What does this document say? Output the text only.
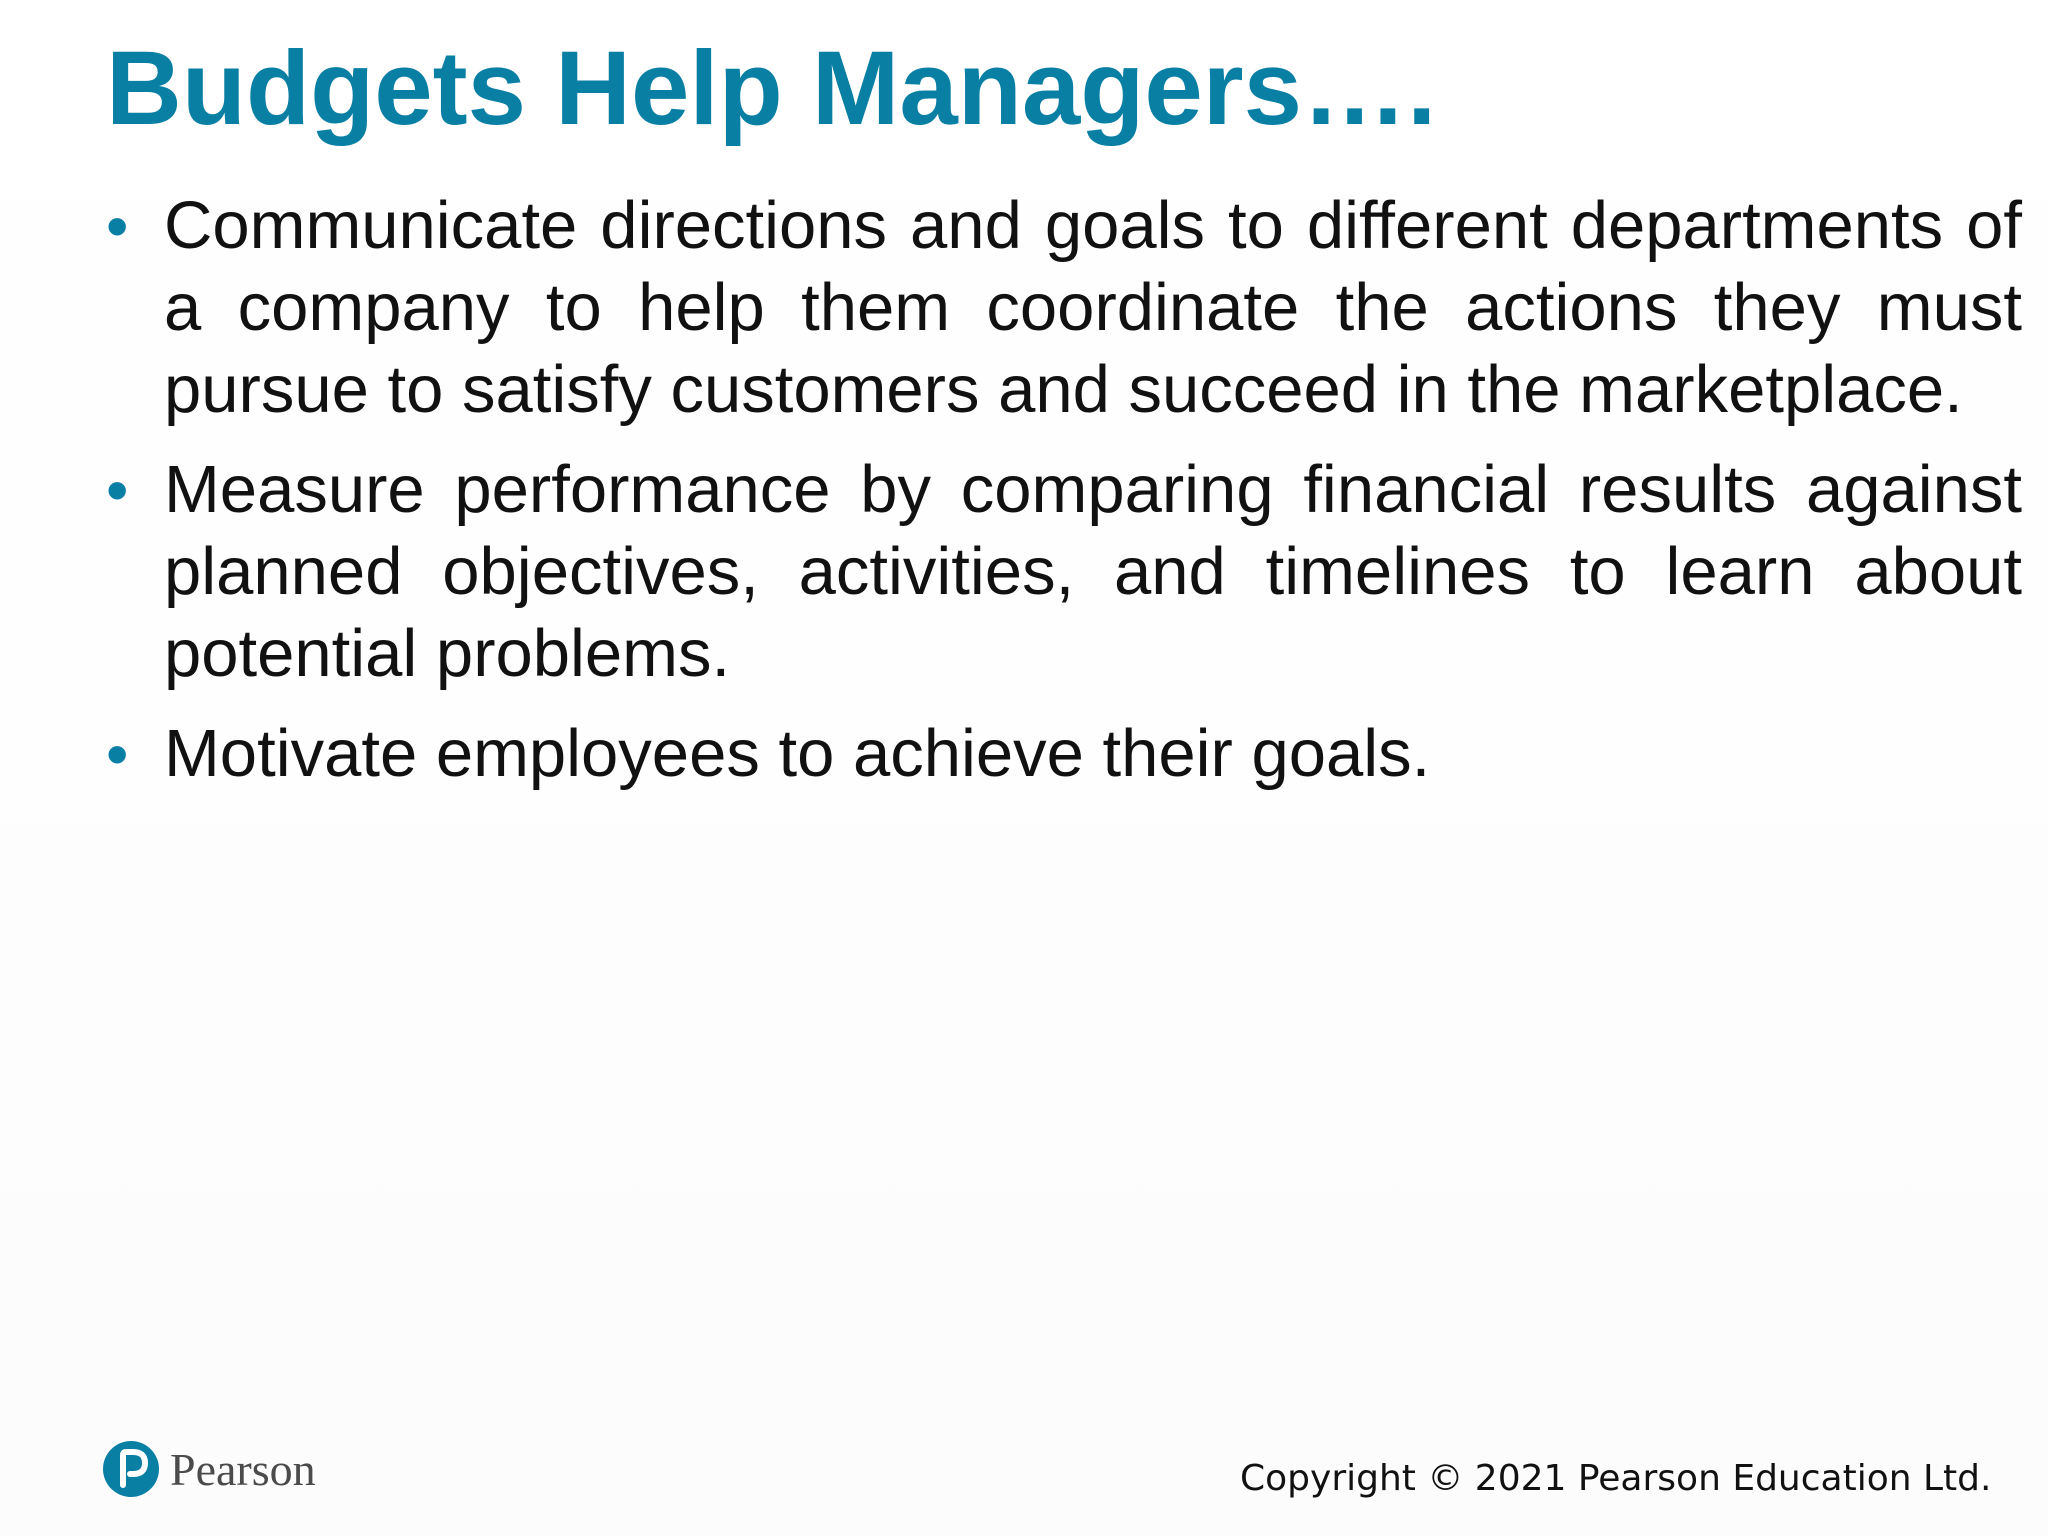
Budgets Help Managers….
• Communicate directions and goals to different departments of a company to help them coordinate the actions they must pursue to satisfy customers and succeed in the marketplace.
• Measure performance by comparing financial results against planned objectives, activities, and timelines to learn about potential problems.
• Motivate employees to achieve their goals.
Pearson	Copyright © 2021 Pearson Education Ltd.
